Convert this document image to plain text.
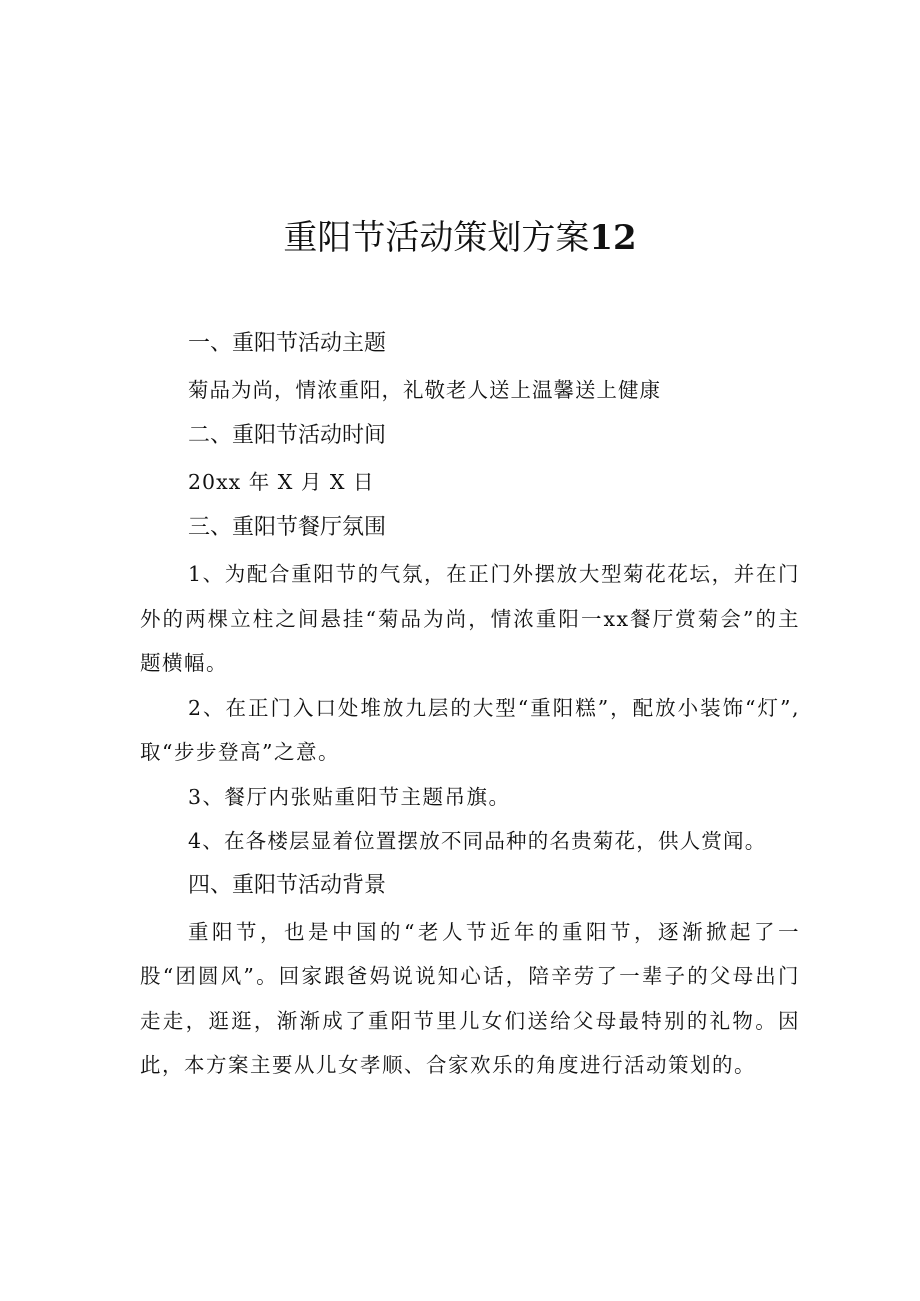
重阳节活动策划方案12
一、重阳节活动主题
菊品为尚，情浓重阳，礼敬老人送上温馨送上健康
二、重阳节活动时间
20xx 年 X 月 X 日
三、重阳节餐厅氛围

1、为配合重阳节的气氛，在正门外摆放大型菊花花坛，并在门外的两棵立柱之间悬挂“菊品为尚，情浓重阳一xx餐厅赏菊会”的主题横幅。

2、在正门入口处堆放九层的大型“重阳糕”，配放小装饰“灯”,取“步步登高”之意。

3、餐厅内张贴重阳节主题吊旗。

4、在各楼层显着位置摆放不同品种的名贵菊花，供人赏闻。

四、重阳节活动背景

重阳节，也是中国的“老人节近年的重阳节，逐渐掀起了一股“团圆风”。回家跟爸妈说说知心话，陪辛劳了一辈子的父母出门走走，逛逛，渐渐成了重阳节里儿女们送给父母最特别的礼物。因此，本方案主要从儿女孝顺、合家欢乐的角度进行活动策划的。
